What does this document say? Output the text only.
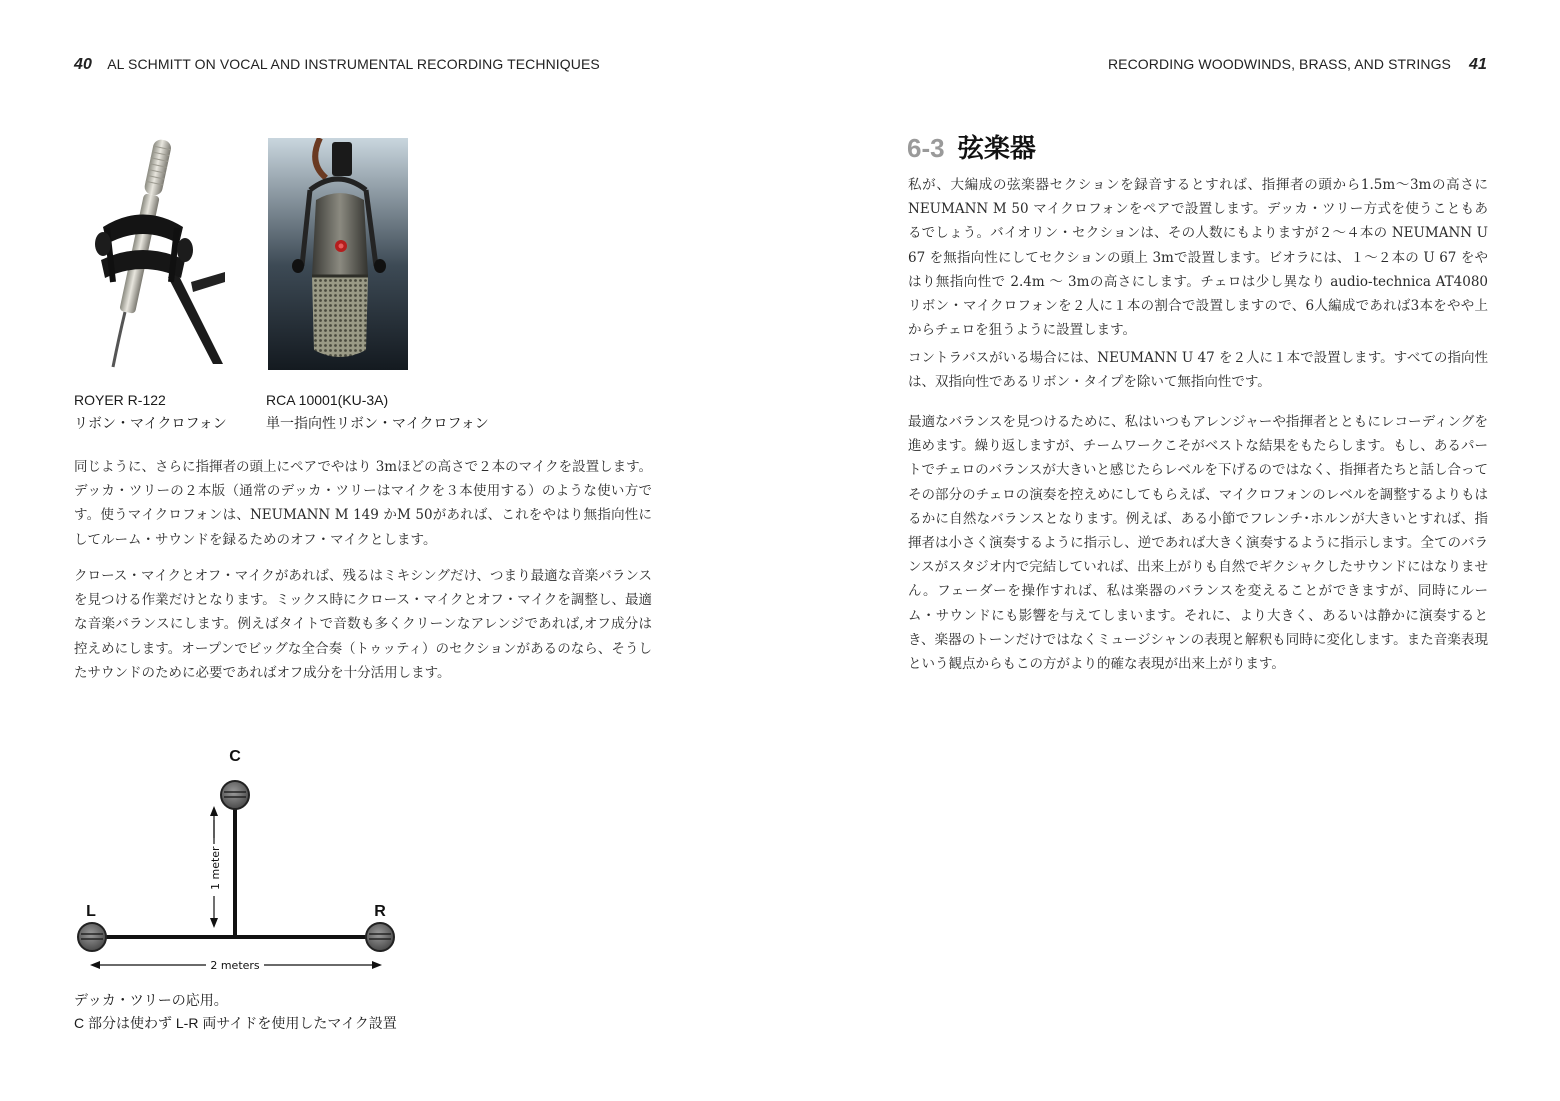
40 AL SCHMITT ON VOCAL AND INSTRUMENTAL RECORDING TECHNIQUES
ROYER R-122
リボン・マイクロフォン
RCA 10001(KU-3A)
単一指向性リボン・マイクロフォン

同じように、さらに指揮者の頭上にペアでやはり 3mほどの高さで２本のマイクを設置します。デッカ・ツリーの２本版（通常のデッカ・ツリーはマイクを３本使用する）のような使い方です。使うマイクロフォンは、NEUMANN M 149 かM 50があれば、これをやはり無指向性にしてルーム・サウンドを録るためのオフ・マイクとします。

クロース・マイクとオフ・マイクがあれば、残るはミキシングだけ、つまり最適な音楽バランスを見つける作業だけとなります。ミックス時にクロース・マイクとオフ・マイクを調整し、最適な音楽バランスにします。例えばタイトで音数も多くクリーンなアレンジであれば,オフ成分は控えめにします。オープンでビッグな全合奏（トゥッティ）のセクションがあるのなら、そうしたサウンドのために必要であればオフ成分を十分活用します。

1 meter
2 meters
C
L	R
デッカ・ツリーの応用。
C 部分は使わず L-R 両サイドを使用したマイク設置
RECORDING WOODWINDS, BRASS, AND STRINGS 41
6-3 弦楽器

私が、大編成の弦楽器セクションを録音するとすれば、指揮者の頭から1.5m～3mの高さに NEUMANN M 50 マイクロフォンをペアで設置します。デッカ・ツリー方式を使うこともあるでしょう。バイオリン・セクションは、その人数にもよりますが２～４本の NEUMANN U 67 を無指向性にしてセクションの頭上 3mで設置します。ビオラには、１～２本の U 67 をやはり無指向性で 2.4m ～ 3mの高さにします。チェロは少し異なり audio-technica AT4080 リボン・マイクロフォンを２人に１本の割合で設置しますので、6人編成であれば3本をやや上からチェロを狙うように設置します。

コントラバスがいる場合には、NEUMANN U 47 を２人に１本で設置します。すべての指向性は、双指向性であるリボン・タイプを除いて無指向性です。

最適なバランスを見つけるために、私はいつもアレンジャーや指揮者とともにレコーディングを進めます。繰り返しますが、チームワークこそがベストな結果をもたらします。もし、あるパートでチェロのバランスが大きいと感じたらレベルを下げるのではなく、指揮者たちと話し合ってその部分のチェロの演奏を控えめにしてもらえば、マイクロフォンのレベルを調整するよりもはるかに自然なバランスとなります。例えば、ある小節でフレンチ･ホルンが大きいとすれば、指揮者は小さく演奏するように指示し、逆であれば大きく演奏するように指示します。全てのバランスがスタジオ内で完結していれば、出来上がりも自然でギクシャクしたサウンドにはなりません。フェーダーを操作すれば、私は楽器のバランスを変えることができますが、同時にルーム・サウンドにも影響を与えてしまいます。それに、より大きく、あるいは静かに演奏するとき、楽器のトーンだけではなくミュージシャンの表現と解釈も同時に変化します。また音楽表現という観点からもこの方がより的確な表現が出来上がります。
